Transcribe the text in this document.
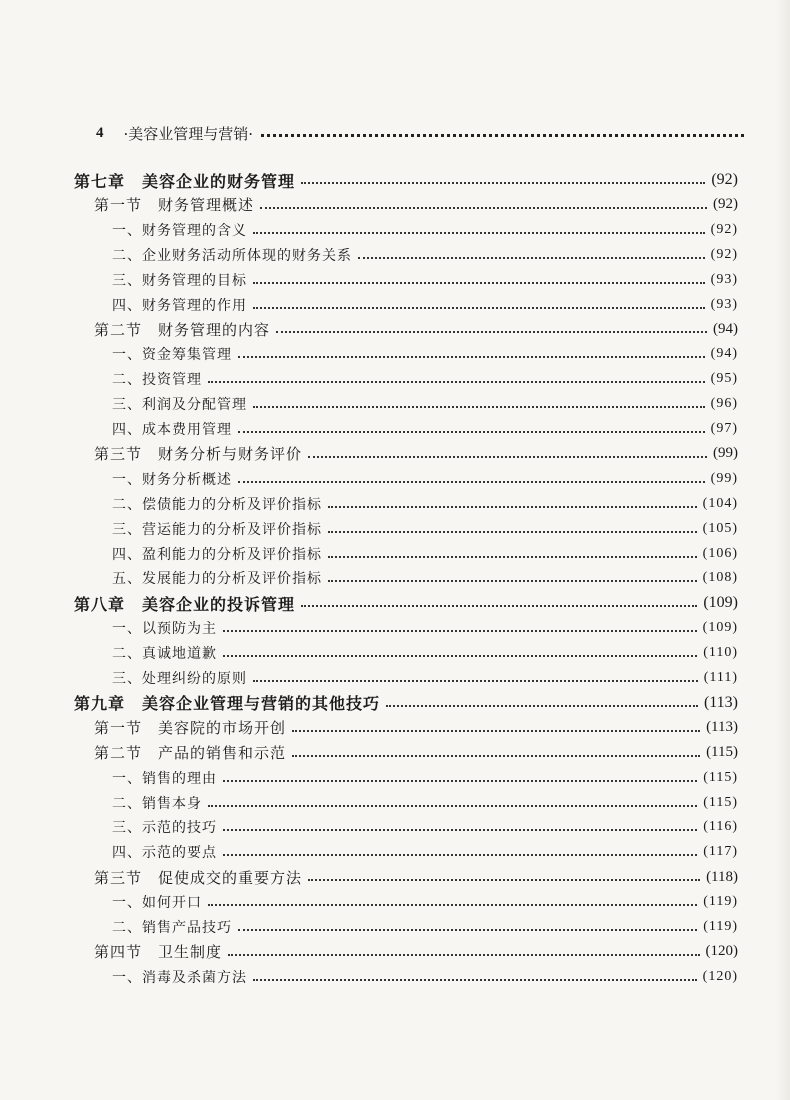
4 ·美容业管理与营销·
第七章　美容企业的财务管理	(92)
第一节　财务管理概述	(92)
一、财务管理的含义	(92)
二、企业财务活动所体现的财务关系	(92)
三、财务管理的目标	(93)
四、财务管理的作用	(93)
第二节　财务管理的内容	(94)
一、资金筹集管理	(94)
二、投资管理	(95)
三、利润及分配管理	(96)
四、成本费用管理	(97)
第三节　财务分析与财务评价	(99)
一、财务分析概述	(99)
二、偿债能力的分析及评价指标	(104)
三、营运能力的分析及评价指标	(105)
四、盈利能力的分析及评价指标	(106)
五、发展能力的分析及评价指标	(108)
第八章　美容企业的投诉管理	(109)
一、以预防为主	(109)
二、真诚地道歉	(110)
三、处理纠纷的原则	(111)
第九章　美容企业管理与营销的其他技巧	(113)
第一节　美容院的市场开创	(113)
第二节　产品的销售和示范	(115)
一、销售的理由	(115)
二、销售本身	(115)
三、示范的技巧	(116)
四、示范的要点	(117)
第三节　促使成交的重要方法	(118)
一、如何开口	(119)
二、销售产品技巧	(119)
第四节　卫生制度	(120)
一、消毒及杀菌方法	(120)
